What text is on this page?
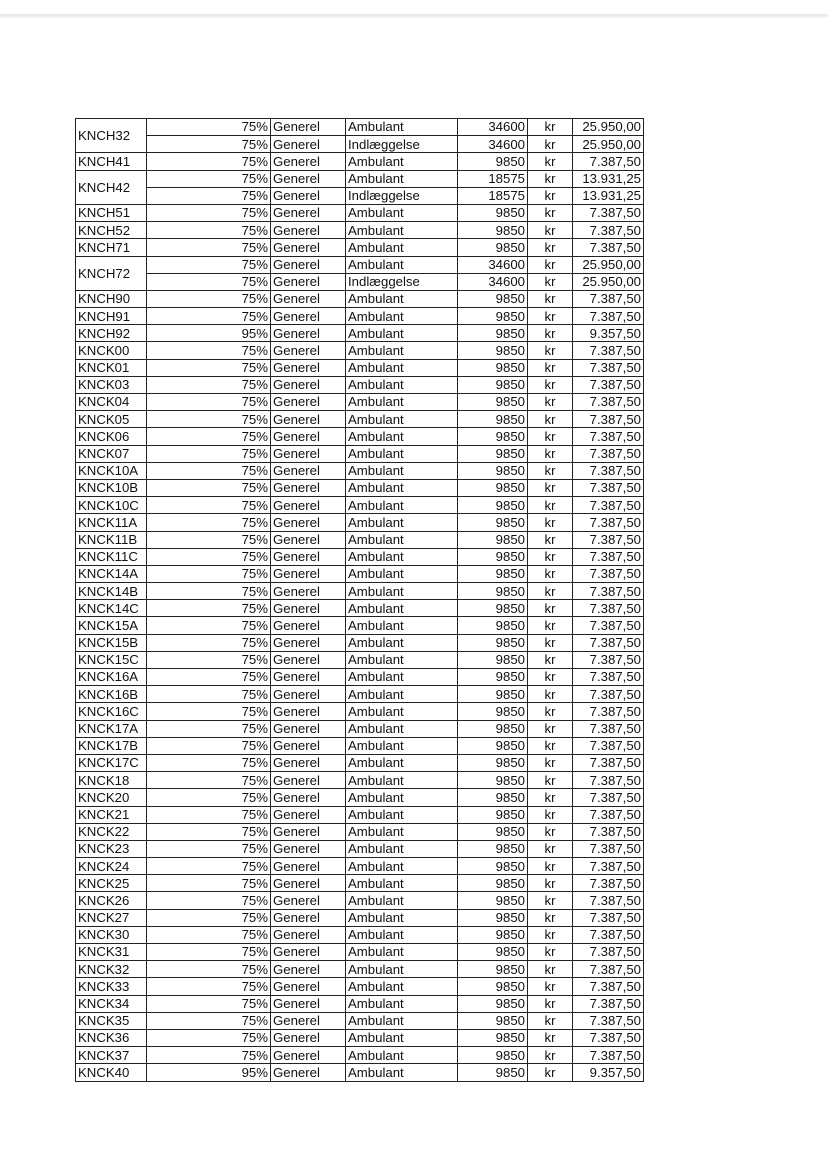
KNCH32	75%	Generel	Ambulant	34600	kr	25.950,00
	75%	Generel	Indlæggelse	34600	kr	25.950,00
KNCH41	75%	Generel	Ambulant	9850	kr	7.387,50
KNCH42	75%	Generel	Ambulant	18575	kr	13.931,25
	75%	Generel	Indlæggelse	18575	kr	13.931,25
KNCH51	75%	Generel	Ambulant	9850	kr	7.387,50
KNCH52	75%	Generel	Ambulant	9850	kr	7.387,50
KNCH71	75%	Generel	Ambulant	9850	kr	7.387,50
KNCH72	75%	Generel	Ambulant	34600	kr	25.950,00
	75%	Generel	Indlæggelse	34600	kr	25.950,00
KNCH90	75%	Generel	Ambulant	9850	kr	7.387,50
KNCH91	75%	Generel	Ambulant	9850	kr	7.387,50
KNCH92	95%	Generel	Ambulant	9850	kr	9.357,50
KNCK00	75%	Generel	Ambulant	9850	kr	7.387,50
KNCK01	75%	Generel	Ambulant	9850	kr	7.387,50
KNCK03	75%	Generel	Ambulant	9850	kr	7.387,50
KNCK04	75%	Generel	Ambulant	9850	kr	7.387,50
KNCK05	75%	Generel	Ambulant	9850	kr	7.387,50
KNCK06	75%	Generel	Ambulant	9850	kr	7.387,50
KNCK07	75%	Generel	Ambulant	9850	kr	7.387,50
KNCK10A	75%	Generel	Ambulant	9850	kr	7.387,50
KNCK10B	75%	Generel	Ambulant	9850	kr	7.387,50
KNCK10C	75%	Generel	Ambulant	9850	kr	7.387,50
KNCK11A	75%	Generel	Ambulant	9850	kr	7.387,50
KNCK11B	75%	Generel	Ambulant	9850	kr	7.387,50
KNCK11C	75%	Generel	Ambulant	9850	kr	7.387,50
KNCK14A	75%	Generel	Ambulant	9850	kr	7.387,50
KNCK14B	75%	Generel	Ambulant	9850	kr	7.387,50
KNCK14C	75%	Generel	Ambulant	9850	kr	7.387,50
KNCK15A	75%	Generel	Ambulant	9850	kr	7.387,50
KNCK15B	75%	Generel	Ambulant	9850	kr	7.387,50
KNCK15C	75%	Generel	Ambulant	9850	kr	7.387,50
KNCK16A	75%	Generel	Ambulant	9850	kr	7.387,50
KNCK16B	75%	Generel	Ambulant	9850	kr	7.387,50
KNCK16C	75%	Generel	Ambulant	9850	kr	7.387,50
KNCK17A	75%	Generel	Ambulant	9850	kr	7.387,50
KNCK17B	75%	Generel	Ambulant	9850	kr	7.387,50
KNCK17C	75%	Generel	Ambulant	9850	kr	7.387,50
KNCK18	75%	Generel	Ambulant	9850	kr	7.387,50
KNCK20	75%	Generel	Ambulant	9850	kr	7.387,50
KNCK21	75%	Generel	Ambulant	9850	kr	7.387,50
KNCK22	75%	Generel	Ambulant	9850	kr	7.387,50
KNCK23	75%	Generel	Ambulant	9850	kr	7.387,50
KNCK24	75%	Generel	Ambulant	9850	kr	7.387,50
KNCK25	75%	Generel	Ambulant	9850	kr	7.387,50
KNCK26	75%	Generel	Ambulant	9850	kr	7.387,50
KNCK27	75%	Generel	Ambulant	9850	kr	7.387,50
KNCK30	75%	Generel	Ambulant	9850	kr	7.387,50
KNCK31	75%	Generel	Ambulant	9850	kr	7.387,50
KNCK32	75%	Generel	Ambulant	9850	kr	7.387,50
KNCK33	75%	Generel	Ambulant	9850	kr	7.387,50
KNCK34	75%	Generel	Ambulant	9850	kr	7.387,50
KNCK35	75%	Generel	Ambulant	9850	kr	7.387,50
KNCK36	75%	Generel	Ambulant	9850	kr	7.387,50
KNCK37	75%	Generel	Ambulant	9850	kr	7.387,50
KNCK40	95%	Generel	Ambulant	9850	kr	9.357,50
